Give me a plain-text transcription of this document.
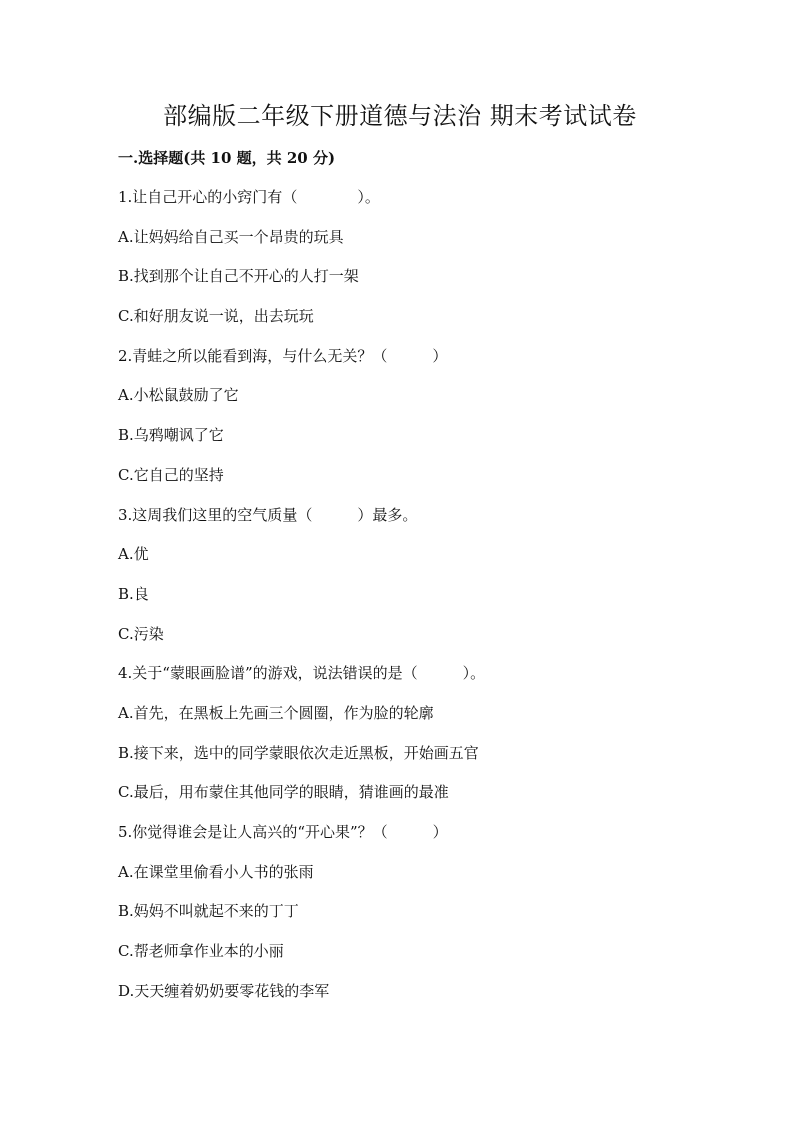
部编版二年级下册道德与法治 期末考试试卷
一.选择题(共 10 题，共 20 分)
1.让自己开心的小窍门有（　　　　）。
A.让妈妈给自己买一个昂贵的玩具
B.找到那个让自己不开心的人打一架
C.和好朋友说一说，出去玩玩
2.青蛙之所以能看到海，与什么无关？（　　　）
A.小松鼠鼓励了它
B.乌鸦嘲讽了它
C.它自己的坚持
3.这周我们这里的空气质量（　　　）最多。
A.优
B.良
C.污染
4.关于“蒙眼画脸谱”的游戏，说法错误的是（　　　）。
A.首先，在黑板上先画三个圆圈，作为脸的轮廓
B.接下来，选中的同学蒙眼依次走近黑板，开始画五官
C.最后，用布蒙住其他同学的眼睛，猜谁画的最准
5.你觉得谁会是让人高兴的“开心果”？（　　　）
A.在课堂里偷看小人书的张雨
B.妈妈不叫就起不来的丁丁
C.帮老师拿作业本的小丽
D.天天缠着奶奶要零花钱的李军
